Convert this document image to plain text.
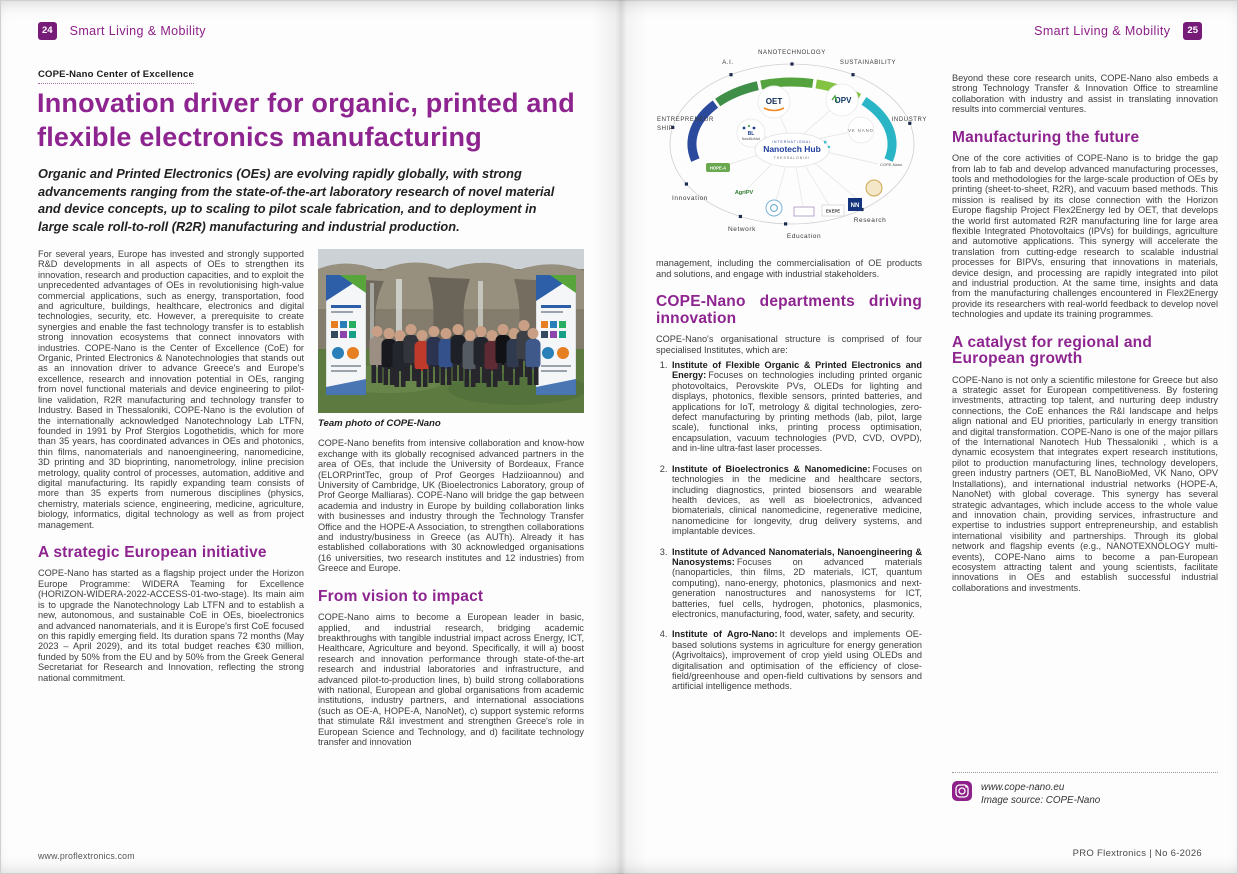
24	Smart Living & Mobility
COPE-Nano Center of Excellence
Innovation driver for organic, printed and flexible electronics manufacturing

Organic and Printed Electronics (OEs) are evolving rapidly globally, with strong advancements ranging from the state-of-the-art laboratory research of novel material and device concepts, up to scaling to pilot scale fabrication, and to deployment in large scale roll-to-roll (R2R) manufacturing and industrial production.

For several years, Europe has invested and strongly supported R&D developments in all aspects of OEs to strengthen its innovation, research and production capacities, and to exploit the unprecedented advantages of OEs in revolutionising high-value commercial applications, such as energy, transportation, food and agriculture, buildings, healthcare, electronics and digital technologies, security, etc. However, a prerequisite to create synergies and enable the fast technology transfer is to establish strong innovation ecosystems that connect innovators with industries. COPE-Nano is the Center of Excellence (CoE) for Organic, Printed Electronics & Nanotechnologies that stands out as an innovation driver to advance Greece's and Europe's excellence, research and innovation potential in OEs, ranging from novel functional materials and device engineering to pilot-line validation, R2R manufacturing and technology transfer to Industry. Based in Thessaloniki, COPE-Nano is the evolution of the internationally acknowledged Nanotechnology Lab LTFN, founded in 1991 by Prof Stergios Logothetidis, which for more than 35 years, has coordinated advances in OEs and photonics, thin films, nanomaterials and nanoengineering, nanomedicine, 3D printing and 3D bioprinting, nanometrology, inline precision metrology, quality control of processes, automation, additive and digital manufacturing. Its rapidly expanding team consists of more than 35 experts from numerous disciplines (physics, chemistry, materials science, engineering, medicine, agriculture, biology, informatics, digital technology as well as from project management.

A strategic European initiative

COPE-Nano has started as a flagship project under the Horizon Europe Programme: WIDERA Teaming for Excellence (HORIZON-WIDERA-2022-ACCESS-01-two-stage). Its main aim is to upgrade the Nanotechnology Lab LTFN and to establish a new, autonomous, and sustainable CoE in OEs, bioelectronics and advanced nanomaterials, and it is Europe's first CoE focused on this rapidly emerging field. Its duration spans 72 months (May 2023 – April 2029), and its total budget reaches €30 million, funded by 50% from the EU and by 50% from the Greek General Secretariat for Research and Innovation, reflecting the strong national commitment.

Team photo of COPE-Nano

COPE-Nano benefits from intensive collaboration and know-how exchange with its globally recognised advanced partners in the area of OEs, that include the University of Bordeaux, France (ELORPrintTec, group of Prof Georges Hadziioannou) and University of Cambridge, UK (Bioelectronics Laboratory, group of Prof George Malliaras). COPE-Nano will bridge the gap between academia and industry in Europe by building collaboration links with businesses and industry through the Technology Transfer Office and the HOPE-A Association, to strengthen collaborations and industry/business in Greece (as AUTh). Already it has established collaborations with 30 acknowledged organisations (16 universities, two research institutes and 12 industries) from Greece and Europe.

From vision to impact

COPE-Nano aims to become a European leader in basic, applied, and industrial research, bridging academic breakthroughs with tangible industrial impact across Energy, ICT, Healthcare, Agriculture and beyond. Specifically, it will a) boost research and innovation performance through state-of-the-art research and industrial laboratories and infrastructure, and advanced pilot-to-production lines, b) build strong collaborations with national, European and global organisations from academic institutions, industry partners, and international associations (such as OE-A, HOPE-A, NanoNet), c) support systemic reforms that stimulate R&I investment and strengthen Greece's role in European Science and Technology, and d) facilitate technology transfer and innovation

www.proflextronics.com
Smart Living & Mobility	25
NANOTECHNOLOGY
A.I.	SUSTAINABILITY
ENTREPRENEUR
SHIP
INDUSTRY
Research
Education
Network
Innovation
OET	OPV
VK NANO
BL
NanoBioMed
HOPE-A
AgriPV
EKEPE
NN
COPE-Nano
INTERNATIONAL
Nanotech Hub
THESSALONIKI

management, including the commercialisation of OE products and solutions, and engage with industrial stakeholders.

COPE-Nano departments driving innovation

COPE-Nano's organisational structure is comprised of four specialised Institutes, which are:

1. Institute of Flexible Organic & Printed Electronics and Energy: Focuses on technologies including printed organic photovoltaics, Perovskite PVs, OLEDs for lighting and displays, photonics, flexible sensors, printed batteries, and applications for IoT, metrology & digital technologies, zero-defect manufacturing by printing methods (lab, pilot, large scale), functional inks, printing process optimisation, encapsulation, vacuum technologies (PVD, CVD, OVPD), and in-line ultra-fast laser processes.
2. Institute of Bioelectronics & Nanomedicine: Focuses on technologies in the medicine and healthcare sectors, including diagnostics, printed biosensors and wearable health devices, as well as bioelectronics, advanced biomaterials, clinical nanomedicine, regenerative medicine, nanomedicine for longevity, drug delivery systems, and implantable devices.
3. Institute of Advanced Nanomaterials, Nanoengineering & Nanosystems: Focuses on advanced materials (nanoparticles, thin films, 2D materials, ICT, quantum computing), nano-energy, photonics, plasmonics and next-generation nanostructures and nanosystems for ICT, batteries, fuel cells, hydrogen, photonics, plasmonics, electronics, manufacturing, food, water, safety, and security.
4. Institute of Agro-Nano: It develops and implements OE-based solutions systems in agriculture for energy generation (Agrivoltaics), improvement of crop yield using OLEDs and digitalisation and optimisation of the efficiency of close-field/greenhouse and open-field cultivations by sensors and artificial intelligence methods.

Beyond these core research units, COPE-Nano also embeds a strong Technology Transfer & Innovation Office to streamline collaboration with industry and assist in translating innovation results into commercial ventures.

Manufacturing the future

One of the core activities of COPE-Nano is to bridge the gap from lab to fab and develop advanced manufacturing processes, tools and methodologies for the large-scale production of OEs by printing (sheet-to-sheet, R2R), and vacuum based methods. This mission is realised by its close connection with the Horizon Europe flagship Project Flex2Energy led by OET, that develops the world first automated R2R manufacturing line for large area flexible Integrated Photovoltaics (IPVs) for buildings, agriculture and automotive applications. This synergy will accelerate the translation from cutting-edge research to scalable industrial processes for BIPVs, ensuring that innovations in materials, device design, and processing are rapidly integrated into pilot and industrial production. At the same time, insights and data from the manufacturing challenges encountered in Flex2Energy provide its researchers with real-world feedback to develop novel technologies and update its training programmes.

A catalyst for regional and European growth

COPE-Nano is not only a scientific milestone for Greece but also a strategic asset for European competitiveness. By fostering investments, attracting top talent, and nurturing deep industry connections, the CoE enhances the R&I landscape and helps align national and EU priorities, particularly in energy transition and digital transformation. COPE-Nano is one of the major pillars of the International Nanotech Hub Thessaloniki , which is a dynamic ecosystem that integrates expert research institutions, pilot to production manufacturing lines, technology developers, green industry partners (OET, BL NanoBioMed, VK Nano, OPV Installations), and international industrial networks (HOPE-A, NanoNet) with global coverage. This synergy has several strategic advantages, which include access to the whole value and innovation chain, providing services, infrastructure and expertise to industries support entrepreneurship, and establish international visibility and partnerships. Through its global network and flagship events (e.g., NANOTEXNOLOGY multi-events), COPE-Nano aims to become a pan-European ecosystem attracting talent and young scientists, facilitate innovations in OEs and establish successful industrial collaborations and investments.

www.cope-nano.eu
Image source: COPE-Nano
PRO Flextronics | No 6-2026
